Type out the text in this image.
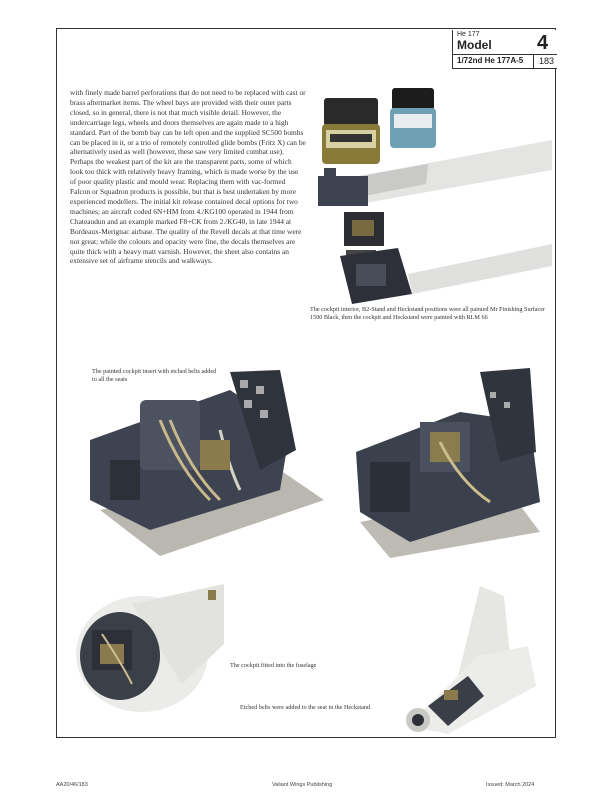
He 177
Model 4
1/72nd He 177A-5 183

with finely made barrel perforations that do not need to be replaced with cast or brass aftermarket items. The wheel bays are provided with their outer parts closed, so in general, there is not that much visible detail. However, the undercarriage legs, wheels and doors themselves are again made to a high standard. Part of the bomb bay can be left open and the supplied SC500 bombs can be placed in it, or a trio of remotely controlled glide bombs (Fritz X) can be alternatively used as well (however, these saw very limited combat use). Perhaps the weakest part of the kit are the transparent parts, some of which look too thick with relatively heavy framing, which is made worse by the use of poor quality plastic and mould wear. Replacing them with vac-formed Falcon or Squadron products is possible, but that is best undertaken by more experienced modellers. The initial kit release contained decal options for two machines; an aircraft coded 6N+HM from 4./KG100 operated in 1944 from Chateaudun and an example marked F8+CK from 2./KG40, in late 1944 at Bordeaux-Merignac airbase. The quality of the Revell decals at that time were not great; while the colours and opacity were fine, the decals themselves are quite thick with a heavy matt varnish. However, the sheet also contains an extensive set of airframe stencils and walkways.

The cockpit interior, B2-Stand and Heckstand positions were all painted Mr Finishing Surfacer 1500 Black, then the cockpit and Heckstand were painted with RLM 66

The painted cockpit insert with etched belts added to all the seats

The cockpit fitted into the fuselage

Etched belts were added to the seat in the Heckstand

AA20/46/183	Valiant Wings Publishing	Issued: March 2024
